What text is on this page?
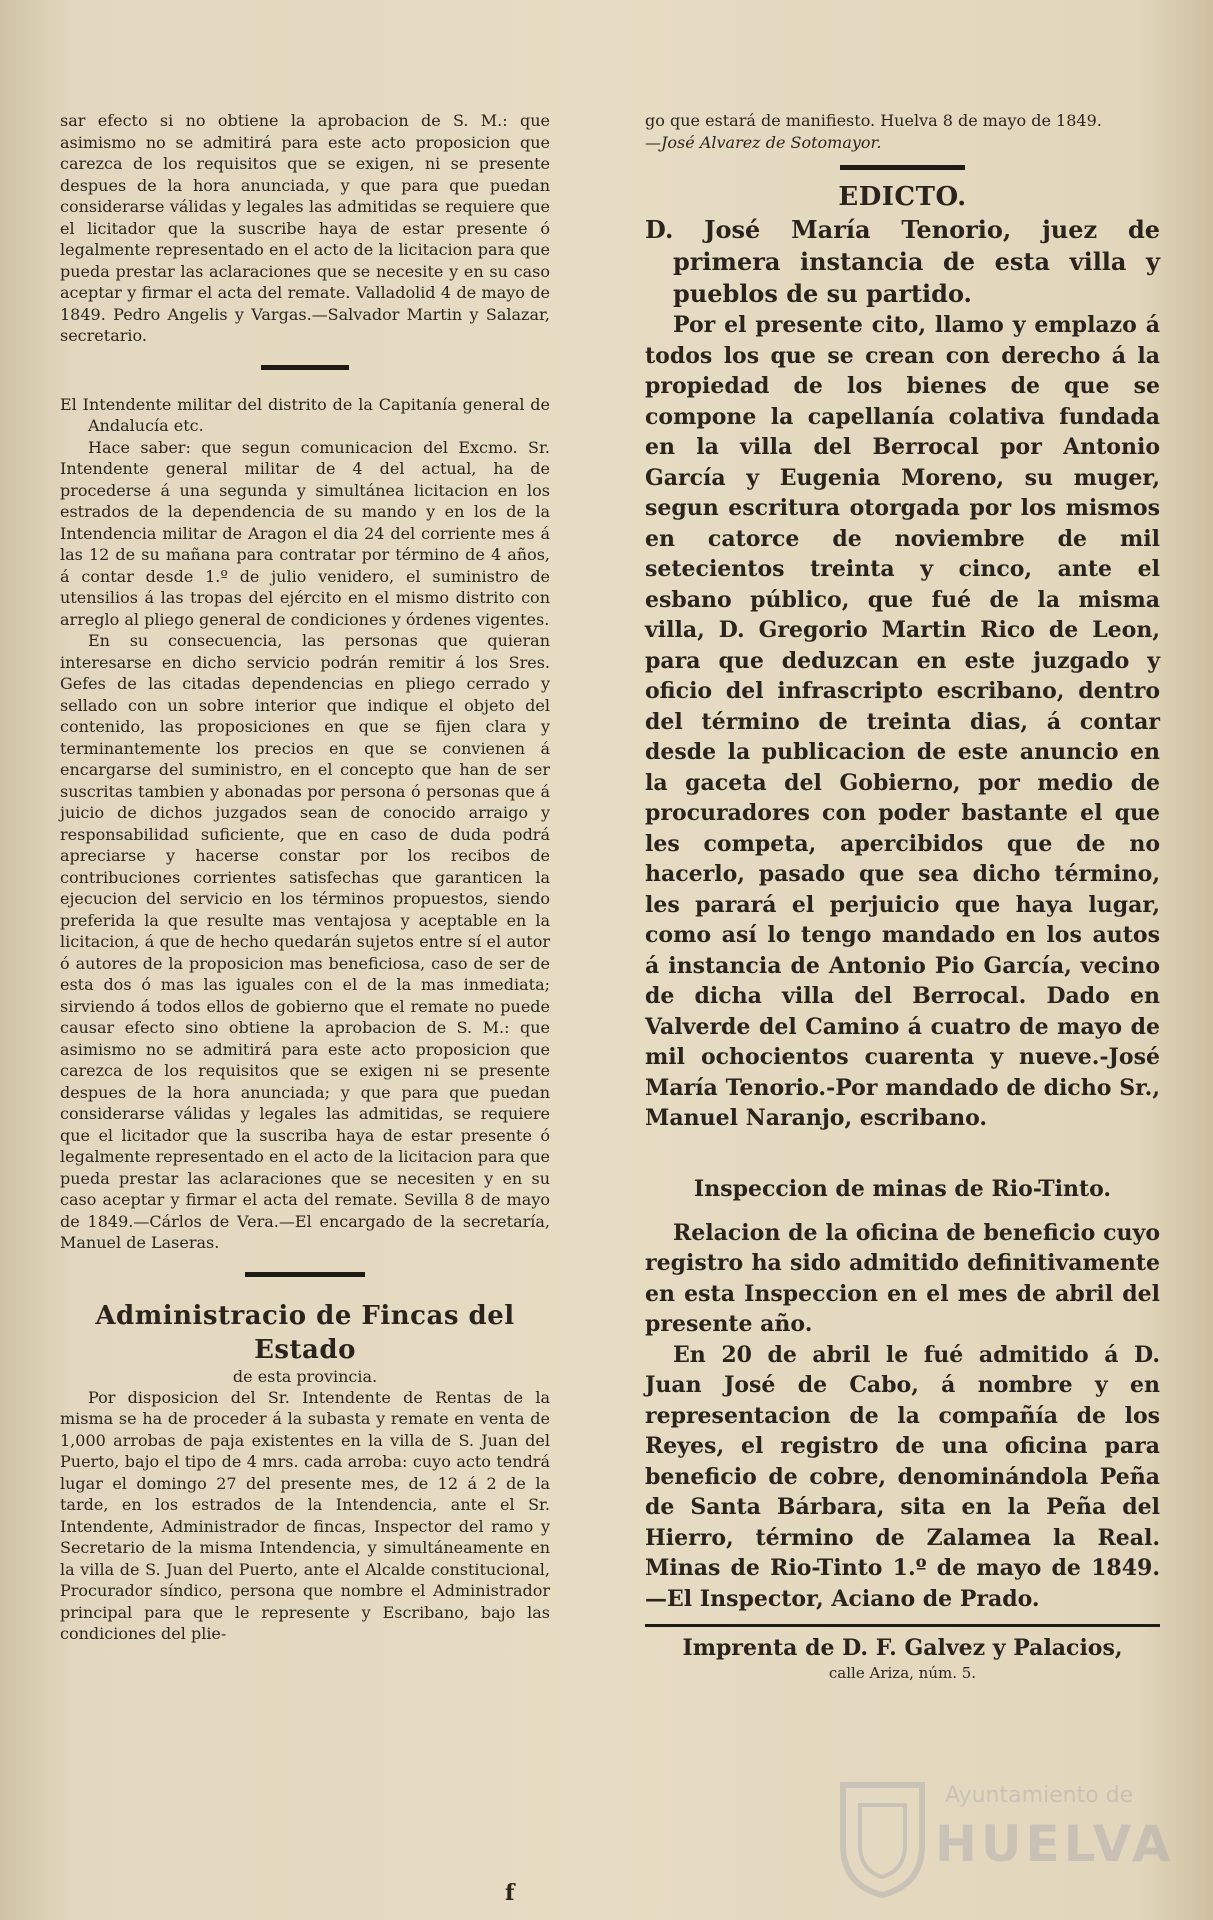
sar efecto si no obtiene la aprobacion de S. M.: que asimismo no se admitirá para este acto proposicion que carezca de los requisitos que se exigen, ni se presente despues de la hora anunciada, y que para que puedan considerarse válidas y legales las admitidas se requiere que el licitador que la suscribe haya de estar presente ó legalmente representado en el acto de la licitacion para que pueda prestar las aclaraciones que se necesite y en su caso aceptar y firmar el acta del remate. Valladolid 4 de mayo de 1849. Pedro Angelis y Vargas.—Salvador Martin y Salazar, secretario.

El Intendente militar del distrito de la Capitanía general de Andalucía etc.

Hace saber: que segun comunicacion del Excmo. Sr. Intendente general militar de 4 del actual, ha de procederse á una segunda y simultánea licitacion en los estrados de la dependencia de su mando y en los de la Intendencia militar de Aragon el dia 24 del corriente mes á las 12 de su mañana para contratar por término de 4 años, á contar desde 1.º de julio venidero, el suministro de utensilios á las tropas del ejército en el mismo distrito con arreglo al pliego general de condiciones y órdenes vigentes.

En su consecuencia, las personas que quieran interesarse en dicho servicio podrán remitir á los Sres. Gefes de las citadas dependencias en pliego cerrado y sellado con un sobre interior que indique el objeto del contenido, las proposiciones en que se fijen clara y terminantemente los precios en que se convienen á encargarse del suministro, en el concepto que han de ser suscritas tambien y abonadas por persona ó personas que á juicio de dichos juzgados sean de conocido arraigo y responsabilidad suficiente, que en caso de duda podrá apreciarse y hacerse constar por los recibos de contribuciones corrientes satisfechas que garanticen la ejecucion del servicio en los términos propuestos, siendo preferida la que resulte mas ventajosa y aceptable en la licitacion, á que de hecho quedarán sujetos entre sí el autor ó autores de la proposicion mas beneficiosa, caso de ser de esta dos ó mas las iguales con el de la mas inmediata; sirviendo á todos ellos de gobierno que el remate no puede causar efecto sino obtiene la aprobacion de S. M.: que asimismo no se admitirá para este acto proposicion que carezca de los requisitos que se exigen ni se presente despues de la hora anunciada; y que para que puedan considerarse válidas y legales las admitidas, se requiere que el licitador que la suscriba haya de estar presente ó legalmente representado en el acto de la licitacion para que pueda prestar las aclaraciones que se necesiten y en su caso aceptar y firmar el acta del remate. Sevilla 8 de mayo de 1849.—Cárlos de Vera.—El encargado de la secretaría, Manuel de Laseras.

Administracio de Fincas del Estado
de esta provincia.

Por disposicion del Sr. Intendente de Rentas de la misma se ha de proceder á la subasta y remate en venta de 1,000 arrobas de paja existentes en la villa de S. Juan del Puerto, bajo el tipo de 4 mrs. cada arroba: cuyo acto tendrá lugar el domingo 27 del presente mes, de 12 á 2 de la tarde, en los estrados de la Intendencia, ante el Sr. Intendente, Administrador de fincas, Inspector del ramo y Secretario de la misma Intendencia, y simultáneamente en la villa de S. Juan del Puerto, ante el Alcalde constitucional, Procurador síndico, persona que nombre el Administrador principal para que le represente y Escribano, bajo las condiciones del plie-

go que estará de manifiesto. Huelva 8 de mayo de 1849.

—José Alvarez de Sotomayor.

EDICTO.

D. José María Tenorio, juez de primera instancia de esta villa y pueblos de su partido.

Por el presente cito, llamo y emplazo á todos los que se crean con derecho á la propiedad de los bienes de que se compone la capellanía colativa fundada en la villa del Berrocal por Antonio García y Eugenia Moreno, su muger, segun escritura otorgada por los mismos en catorce de noviembre de mil setecientos treinta y cinco, ante el esbano público, que fué de la misma villa, D. Gregorio Martin Rico de Leon, para que deduzcan en este juzgado y oficio del infrascripto escribano, dentro del término de treinta dias, á contar desde la publicacion de este anuncio en la gaceta del Gobierno, por medio de procuradores con poder bastante el que les competa, apercibidos que de no hacerlo, pasado que sea dicho término, les parará el perjuicio que haya lugar, como así lo tengo mandado en los autos á instancia de Antonio Pio García, vecino de dicha villa del Berrocal. Dado en Valverde del Camino á cuatro de mayo de mil ochocientos cuarenta y nueve.-José María Tenorio.-Por mandado de dicho Sr., Manuel Naranjo, escribano.

Inspeccion de minas de Rio-Tinto.

Relacion de la oficina de beneficio cuyo registro ha sido admitido definitivamente en esta Inspeccion en el mes de abril del presente año.

En 20 de abril le fué admitido á D. Juan José de Cabo, á nombre y en representacion de la compañía de los Reyes, el registro de una oficina para beneficio de cobre, denominándola Peña de Santa Bárbara, sita en la Peña del Hierro, término de Zalamea la Real. Minas de Rio-Tinto 1.º de mayo de 1849.—El Inspector, Aciano de Prado.

Imprenta de D. F. Galvez y Palacios,
calle Ariza, núm. 5.
Ayuntamiento de
HUELVA
f
